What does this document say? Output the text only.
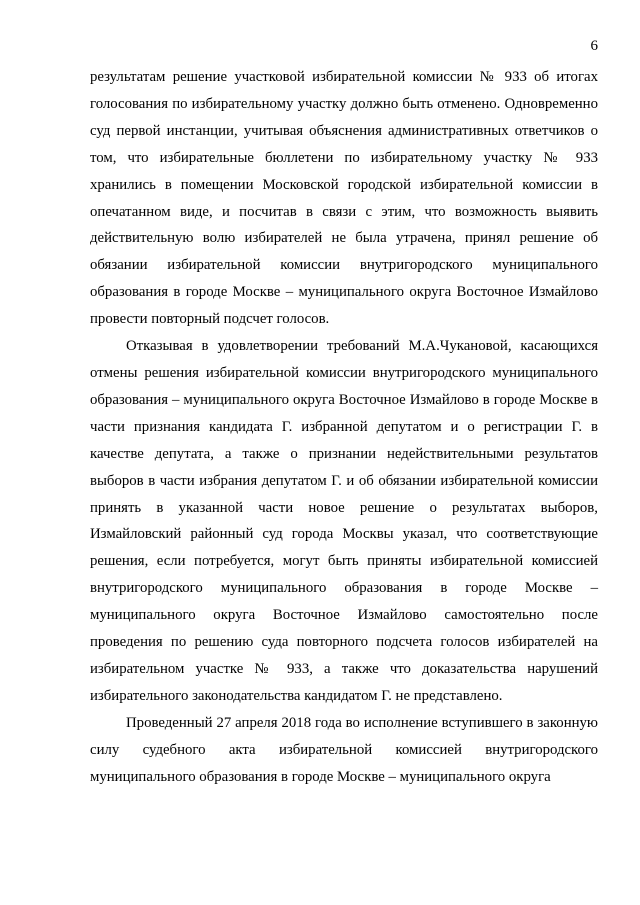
6

результатам решение участковой избирательной комиссии № 933 об итогах голосования по избирательному участку должно быть отменено. Одновременно суд первой инстанции, учитывая объяснения административных ответчиков о том, что избирательные бюллетени по избирательному участку № 933 хранились в помещении Московской городской избирательной комиссии в опечатанном виде, и посчитав в связи с этим, что возможность выявить действительную волю избирателей не была утрачена, принял решение об обязании избирательной комиссии внутригородского муниципального образования в городе Москве – муниципального округа Восточное Измайлово провести повторный подсчет голосов.

Отказывая в удовлетворении требований М.А.Чукановой, касающихся отмены решения избирательной комиссии внутригородского муниципального образования – муниципального округа Восточное Измайлово в городе Москве в части признания кандидата Г. избранной депутатом и о регистрации Г. в качестве депутата, а также о признании недействительными результатов выборов в части избрания депутатом Г. и об обязании избирательной комиссии принять в указанной части новое решение о результатах выборов, Измайловский районный суд города Москвы указал, что соответствующие решения, если потребуется, могут быть приняты избирательной комиссией внутригородского муниципального образования в городе Москве – муниципального округа Восточное Измайлово самостоятельно после проведения по решению суда повторного подсчета голосов избирателей на избирательном участке № 933, а также что доказательства нарушений избирательного законодательства кандидатом Г. не представлено.

Проведенный 27 апреля 2018 года во исполнение вступившего в законную силу судебного акта избирательной комиссией внутригородского муниципального образования в городе Москве – муниципального округа
